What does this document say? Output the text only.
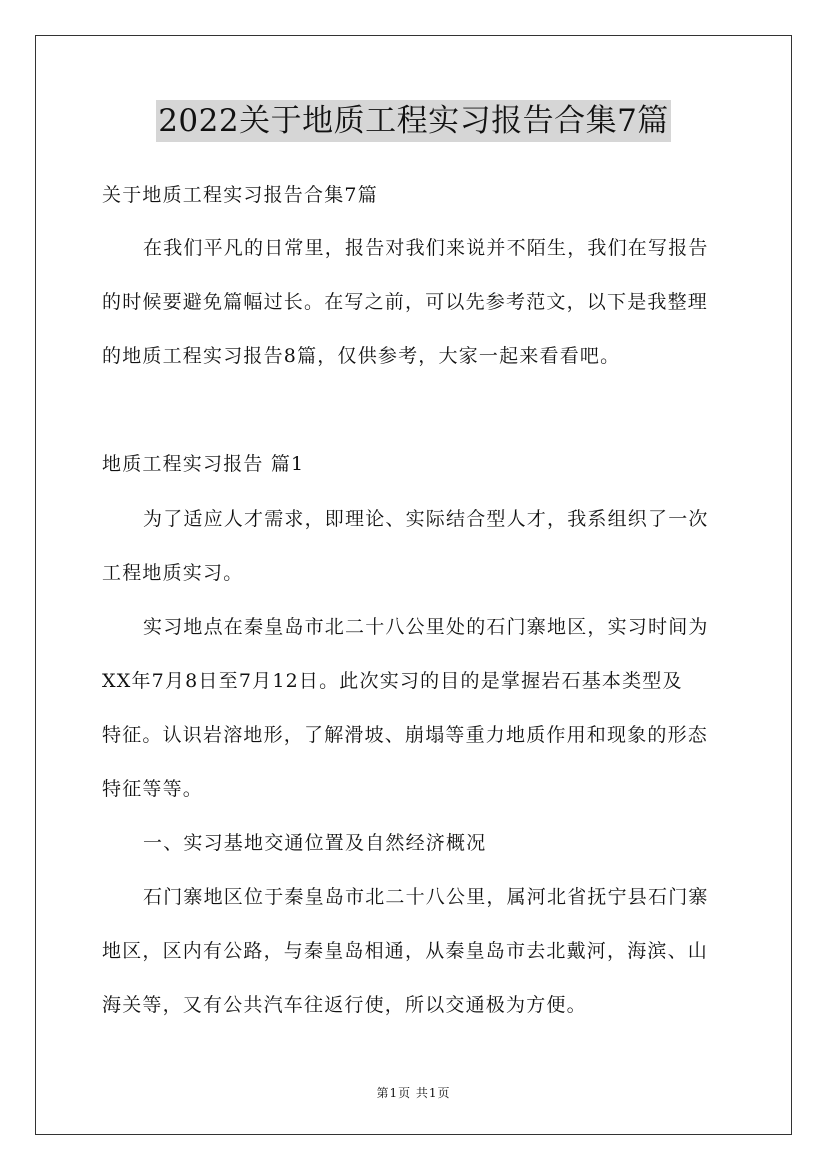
2022关于地质工程实习报告合集7篇
关于地质工程实习报告合集7篇
在我们平凡的日常里，报告对我们来说并不陌生，我们在写报告
的时候要避免篇幅过长。在写之前，可以先参考范文，以下是我整理
的地质工程实习报告8篇，仅供参考，大家一起来看看吧。
地质工程实习报告 篇1
为了适应人才需求，即理论、实际结合型人才，我系组织了一次
工程地质实习。
实习地点在秦皇岛市北二十八公里处的石门寨地区，实习时间为
XX年7月8日至7月12日。此次实习的目的是掌握岩石基本类型及
特征。认识岩溶地形，了解滑坡、崩塌等重力地质作用和现象的形态
特征等等。
一、实习基地交通位置及自然经济概况
石门寨地区位于秦皇岛市北二十八公里，属河北省抚宁县石门寨
地区，区内有公路，与秦皇岛相通，从秦皇岛市去北戴河，海滨、山
海关等，又有公共汽车往返行使，所以交通极为方便。
第1页 共1页
